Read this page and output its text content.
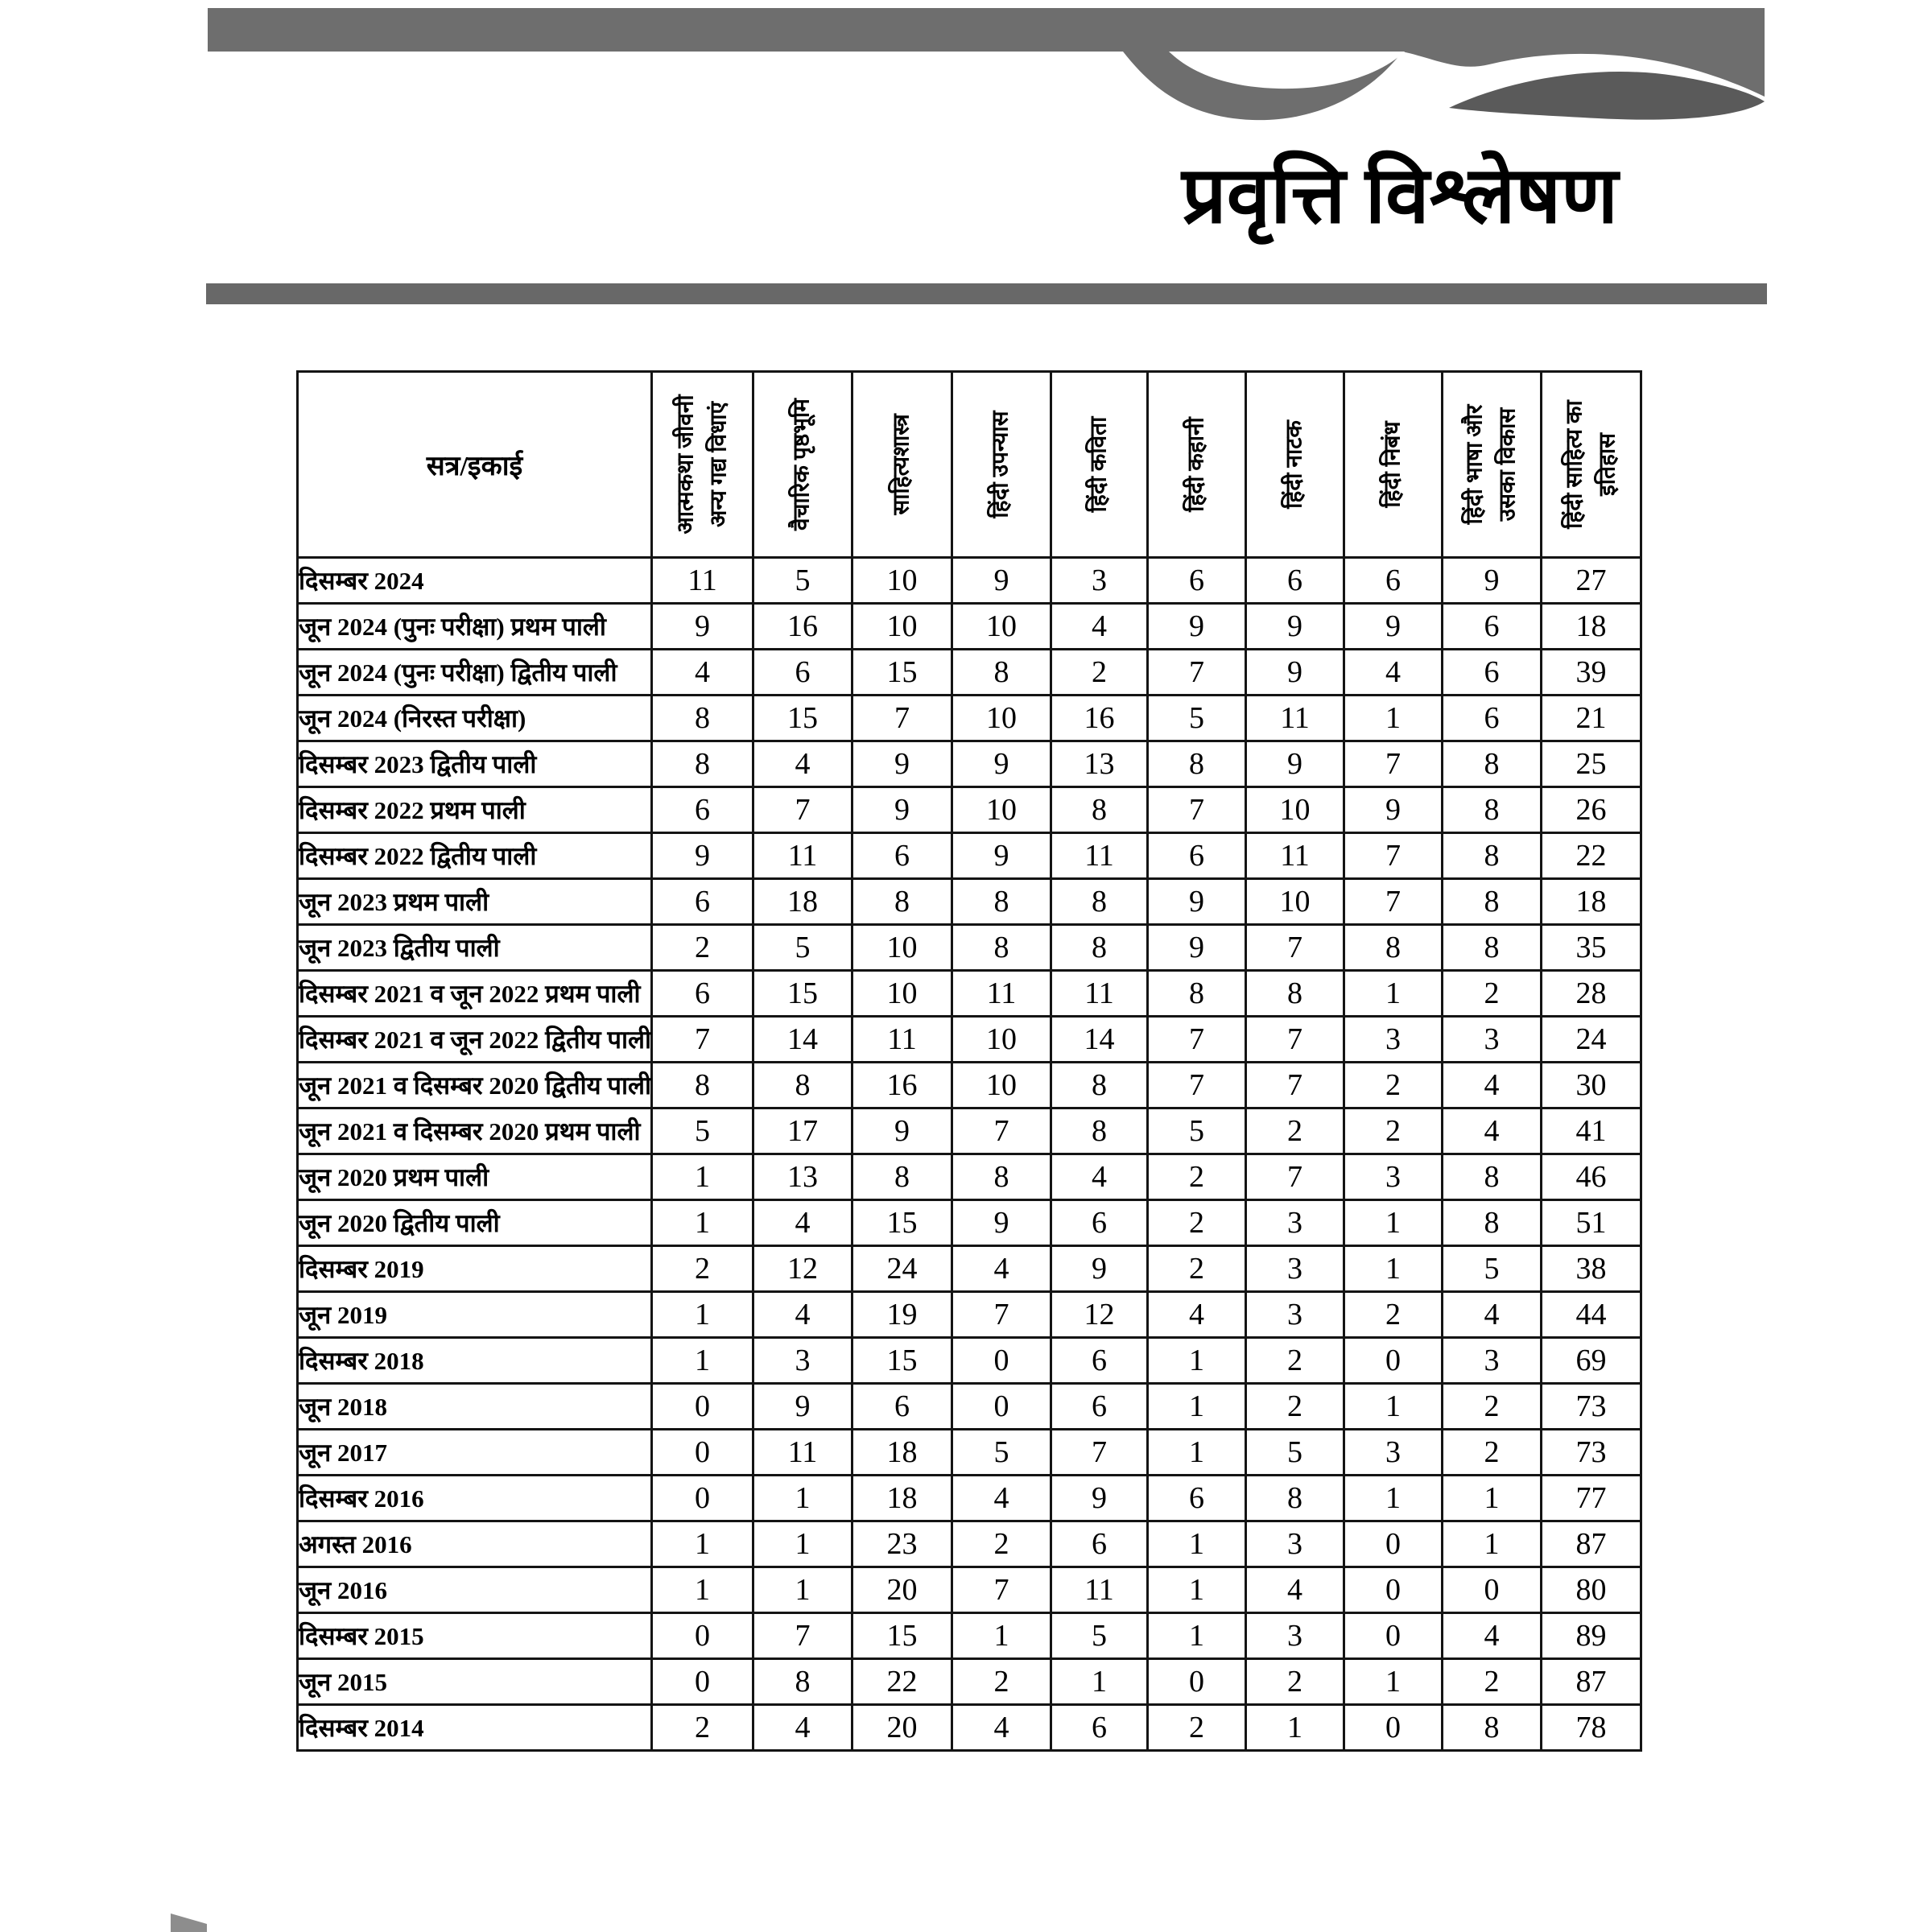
प्रवृत्ति विश्लेषण
सत्र/इकाई	आत्मकथा जीवनी अन्य गद्य विधाएं	वैचारिक पृष्ठभूमि	साहित्यशास्त्र	हिंदी उपन्यास	हिंदी कविता	हिंदी कहानी	हिंदी नाटक	हिंदी निबंध	हिंदी भाषा और उसका विकास	हिंदी साहित्य का इतिहास

दिसम्बर 2024	11	5	10	9	3	6	6	6	9	27
जून 2024 (पुनः परीक्षा) प्रथम पाली	9	16	10	10	4	9	9	9	6	18
जून 2024 (पुनः परीक्षा) द्वितीय पाली	4	6	15	8	2	7	9	4	6	39
जून 2024 (निरस्त परीक्षा)	8	15	7	10	16	5	11	1	6	21
दिसम्बर 2023 द्वितीय पाली	8	4	9	9	13	8	9	7	8	25
दिसम्बर 2022 प्रथम पाली	6	7	9	10	8	7	10	9	8	26
दिसम्बर 2022 द्वितीय पाली	9	11	6	9	11	6	11	7	8	22
जून 2023 प्रथम पाली	6	18	8	8	8	9	10	7	8	18
जून 2023 द्वितीय पाली	2	5	10	8	8	9	7	8	8	35
दिसम्बर 2021 व जून 2022 प्रथम पाली	6	15	10	11	11	8	8	1	2	28
दिसम्बर 2021 व जून 2022 द्वितीय पाली	7	14	11	10	14	7	7	3	3	24
जून 2021 व दिसम्बर 2020 द्वितीय पाली	8	8	16	10	8	7	7	2	4	30
जून 2021 व दिसम्बर 2020 प्रथम पाली	5	17	9	7	8	5	2	2	4	41
जून 2020 प्रथम पाली	1	13	8	8	4	2	7	3	8	46
जून 2020 द्वितीय पाली	1	4	15	9	6	2	3	1	8	51
दिसम्बर 2019	2	12	24	4	9	2	3	1	5	38
जून 2019	1	4	19	7	12	4	3	2	4	44
दिसम्बर 2018	1	3	15	0	6	1	2	0	3	69
जून 2018	0	9	6	0	6	1	2	1	2	73
जून 2017	0	11	18	5	7	1	5	3	2	73
दिसम्बर 2016	0	1	18	4	9	6	8	1	1	77
अगस्त 2016	1	1	23	2	6	1	3	0	1	87
जून 2016	1	1	20	7	11	1	4	0	0	80
दिसम्बर 2015	0	7	15	1	5	1	3	0	4	89
जून 2015	0	8	22	2	1	0	2	1	2	87
दिसम्बर 2014	2	4	20	4	6	2	1	0	8	78
